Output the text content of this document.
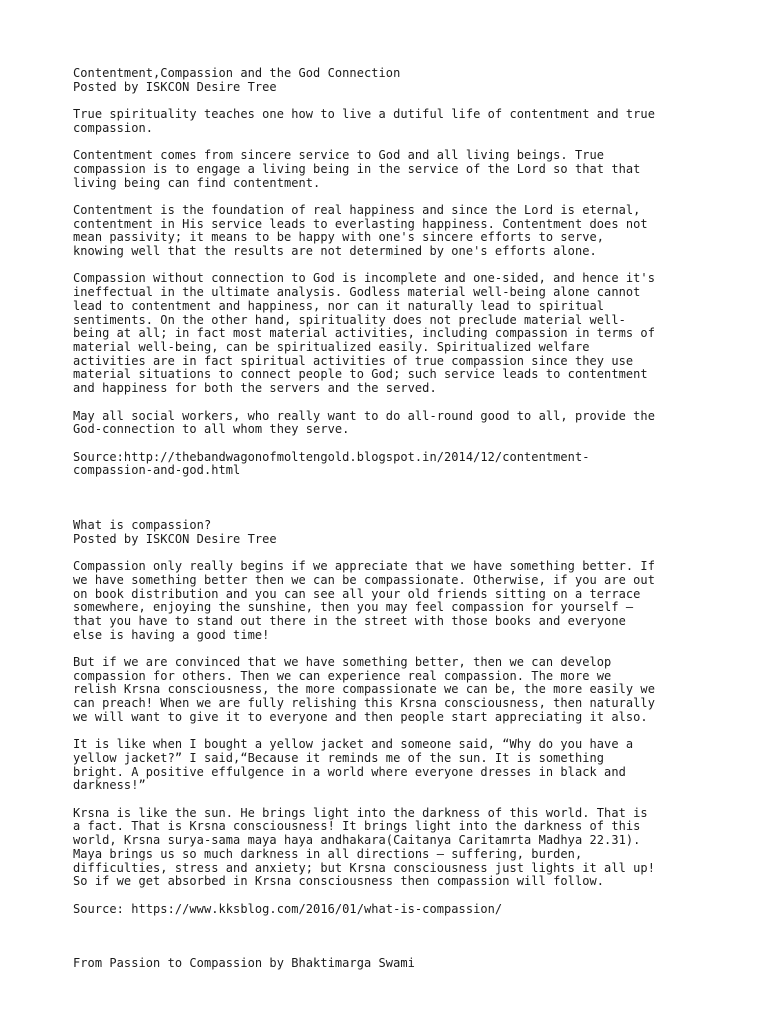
Contentment,Compassion and the God Connection
Posted by ISKCON Desire Tree
True spirituality teaches one how to live a dutiful life of contentment and true
compassion.
Contentment comes from sincere service to God and all living beings. True
compassion is to engage a living being in the service of the Lord so that that
living being can find contentment.
Contentment is the foundation of real happiness and since the Lord is eternal,
contentment in His service leads to everlasting happiness. Contentment does not
mean passivity; it means to be happy with one's sincere efforts to serve,
knowing well that the results are not determined by one's efforts alone.
Compassion without connection to God is incomplete and one-sided, and hence it's
ineffectual in the ultimate analysis. Godless material well-being alone cannot
lead to contentment and happiness, nor can it naturally lead to spiritual
sentiments. On the other hand, spirituality does not preclude material well-
being at all; in fact most material activities, including compassion in terms of
material well-being, can be spiritualized easily. Spiritualized welfare
activities are in fact spiritual activities of true compassion since they use
material situations to connect people to God; such service leads to contentment
and happiness for both the servers and the served.
May all social workers, who really want to do all-round good to all, provide the
God-connection to all whom they serve.
Source:http://thebandwagonofmoltengold.blogspot.in/2014/12/contentment-
compassion-and-god.html
What is compassion?
Posted by ISKCON Desire Tree
Compassion only really begins if we appreciate that we have something better. If
we have something better then we can be compassionate. Otherwise, if you are out
on book distribution and you can see all your old friends sitting on a terrace
somewhere, enjoying the sunshine, then you may feel compassion for yourself –
that you have to stand out there in the street with those books and everyone
else is having a good time!
But if we are convinced that we have something better, then we can develop
compassion for others. Then we can experience real compassion. The more we
relish Krsna consciousness, the more compassionate we can be, the more easily we
can preach! When we are fully relishing this Krsna consciousness, then naturally
we will want to give it to everyone and then people start appreciating it also.
It is like when I bought a yellow jacket and someone said, “Why do you have a
yellow jacket?” I said,“Because it reminds me of the sun. It is something
bright. A positive effulgence in a world where everyone dresses in black and
darkness!”
Krsna is like the sun. He brings light into the darkness of this world. That is
a fact. That is Krsna consciousness! It brings light into the darkness of this
world, Krsna surya-sama maya haya andhakara(Caitanya Caritamrta Madhya 22.31).
Maya brings us so much darkness in all directions – suffering, burden,
difficulties, stress and anxiety; but Krsna consciousness just lights it all up!
So if we get absorbed in Krsna consciousness then compassion will follow.
Source: https://www.kksblog.com/2016/01/what-is-compassion/
From Passion to Compassion by Bhaktimarga Swami
